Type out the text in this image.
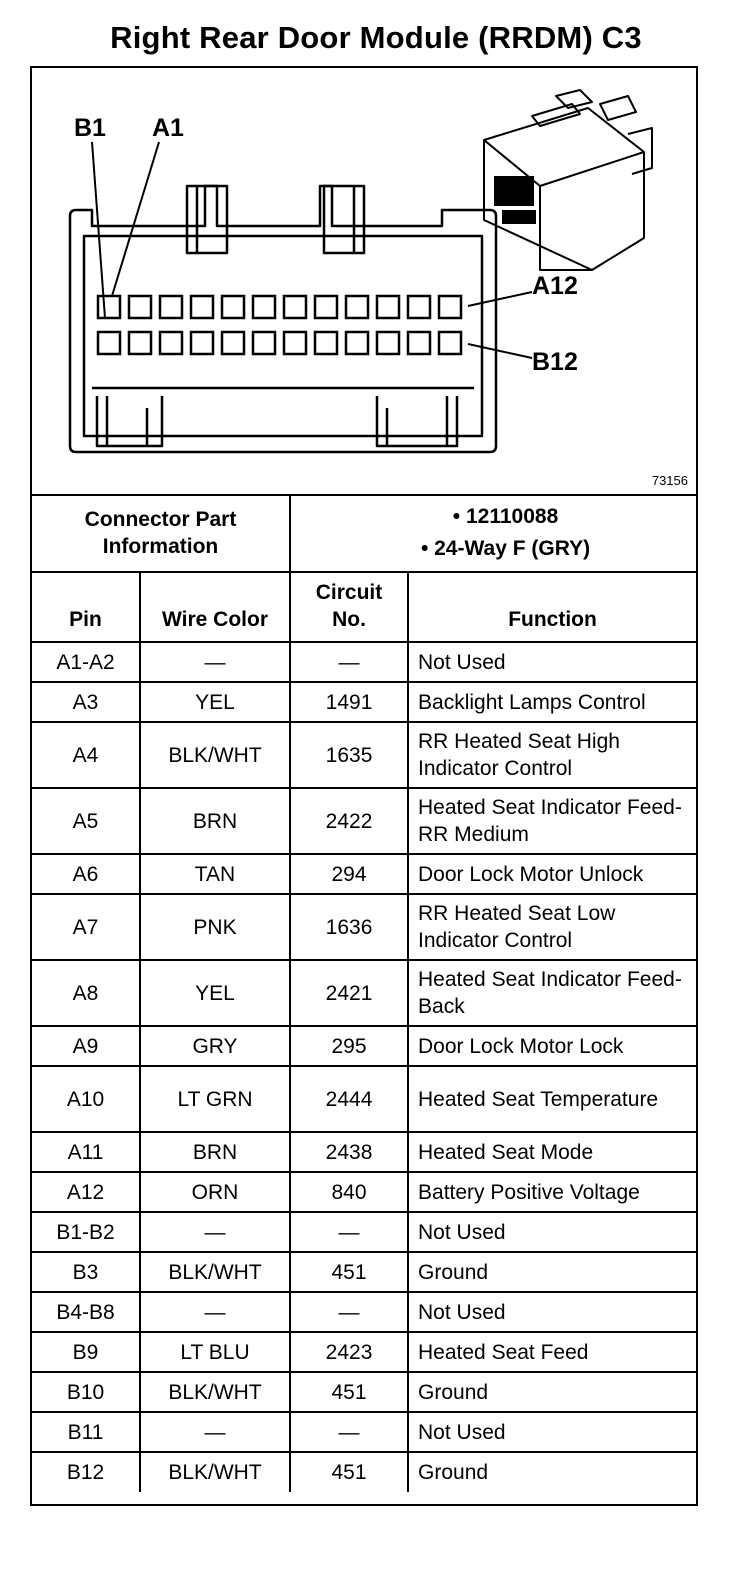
Right Rear Door Module (RRDM) C3
B1 A1
A12
B12
73156
Connector Part Information		• 12110088
• 24-Way F (GRY)	

Pin	Wire Color	Circuit No.	Function
A1-A2	—	—	Not Used
A3	YEL	1491	Backlight Lamps Control
A4	BLK/WHT	1635	RR Heated Seat High Indicator Control
A5	BRN	2422	Heated Seat Indicator Feed-RR Medium
A6	TAN	294	Door Lock Motor Unlock
A7	PNK	1636	RR Heated Seat Low Indicator Control
A8	YEL	2421	Heated Seat Indicator Feed-Back
A9	GRY	295	Door Lock Motor Lock
A10	LT GRN	2444	Heated Seat Temperature
A11	BRN	2438	Heated Seat Mode
A12	ORN	840	Battery Positive Voltage
B1-B2	—	—	Not Used
B3	BLK/WHT	451	Ground
B4-B8	—	—	Not Used
B9	LT BLU	2423	Heated Seat Feed
B10	BLK/WHT	451	Ground
B11	—	—	Not Used
B12	BLK/WHT	451	Ground
